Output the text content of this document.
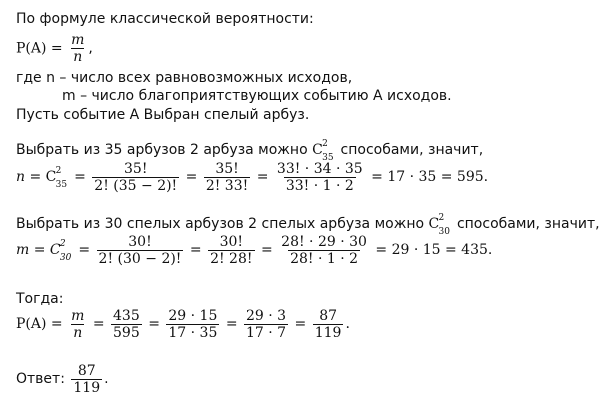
По формуле классической вероятности:
$P(A) = \frac{m}{n}$ ,
где n – число всех равновозможных исходов,
m – число благоприятствующих событию A исходов.
Пусть событие A Выбран спелый арбуз.
Выбрать из 35 арбузов 2 арбуза можно C 2
35 способами, значит,
n = C 2
$35 = \frac{35!}{2! (35 - 2)!} = \frac{35!}{2! 33!} = \frac{33! \cdot 34 \cdot 35}{33! \cdot 1 \cdot 2} = 17 \cdot 35 = 595$.
Выбрать из 30 спелых арбузов 2 спелых арбуза можно C 2
30 способами, значит,
m = C 2
$30 = \frac{30!}{2! (30 - 2)!} = \frac{30!}{2! 28!} = \frac{28! \cdot 29 \cdot 30}{28! \cdot 1 \cdot 2} = 29 \cdot 15 = 435$.
Тогда:
$P(A) = \frac{m}{n} = \frac{435}{595} = \frac{29 \cdot 15}{17 \cdot 35} = \frac{29 \cdot 3}{17 \cdot 7} = \frac{87}{119}$ .
Ответ: $\frac{87}{119}$ .
